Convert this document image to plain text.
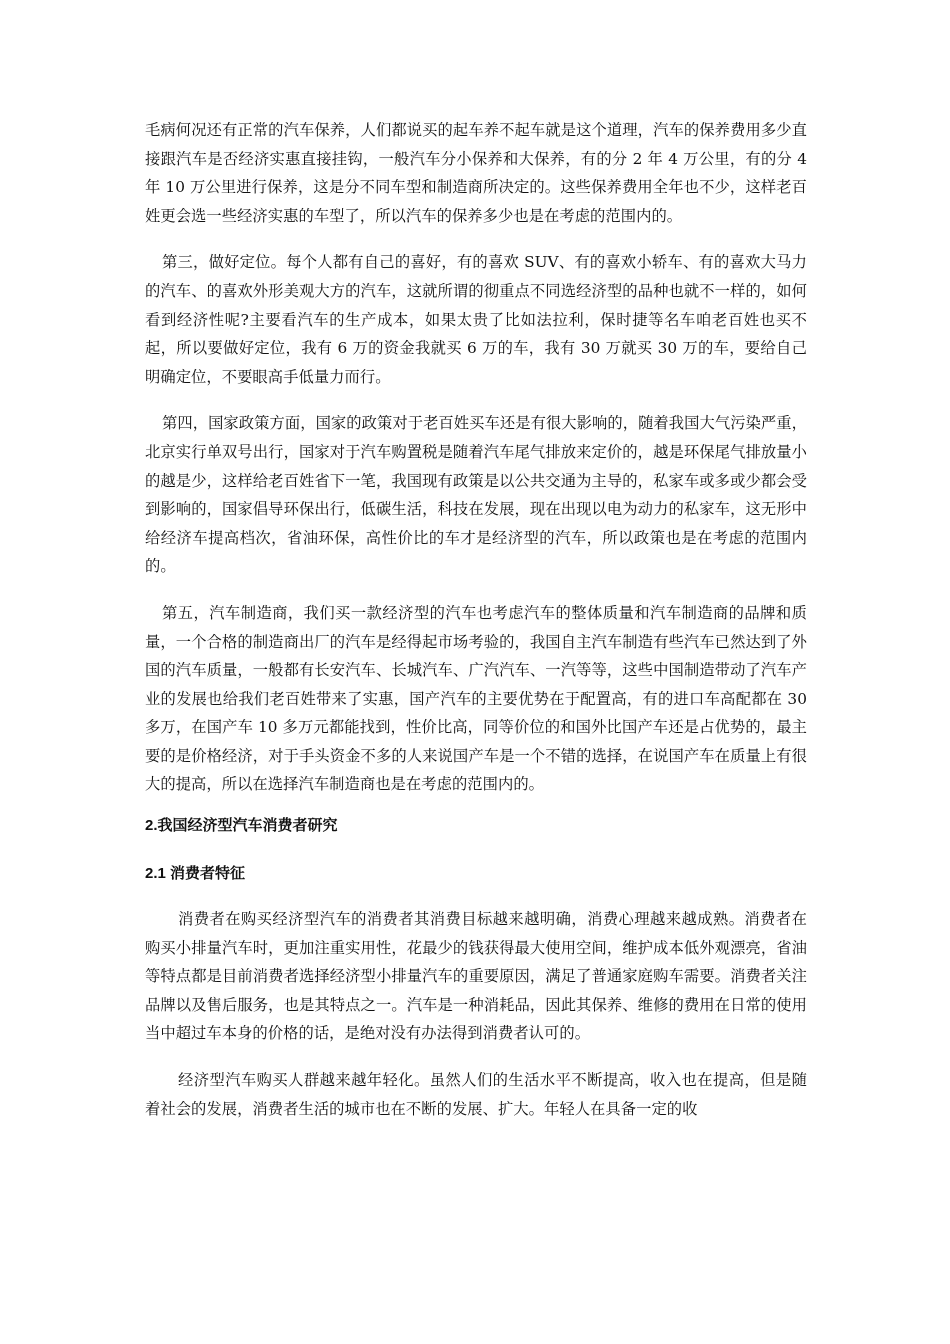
毛病何况还有正常的汽车保养，人们都说买的起车养不起车就是这个道理，汽车的保养费用多少直接跟汽车是否经济实惠直接挂钩，一般汽车分小保养和大保养，有的分 2 年 4 万公里，有的分 4 年 10 万公里进行保养，这是分不同车型和制造商所决定的。这些保养费用全年也不少，这样老百姓更会选一些经济实惠的车型了，所以汽车的保养多少也是在考虑的范围内的。

第三，做好定位。每个人都有自己的喜好，有的喜欢 SUV、有的喜欢小轿车、有的喜欢大马力的汽车、的喜欢外形美观大方的汽车，这就所谓的彻重点不同选经济型的品种也就不一样的，如何看到经济性呢?主要看汽车的生产成本，如果太贵了比如法拉利，保时捷等名车咱老百姓也买不起，所以要做好定位，我有 6 万的资金我就买 6 万的车，我有 30 万就买 30 万的车，要给自己明确定位，不要眼高手低量力而行。

第四，国家政策方面，国家的政策对于老百姓买车还是有很大影响的，随着我国大气污染严重，北京实行单双号出行，国家对于汽车购置税是随着汽车尾气排放来定价的，越是环保尾气排放量小的越是少，这样给老百姓省下一笔，我国现有政策是以公共交通为主导的，私家车或多或少都会受到影响的，国家倡导环保出行，低碳生活，科技在发展，现在出现以电为动力的私家车，这无形中给经济车提高档次，省油环保，高性价比的车才是经济型的汽车，所以政策也是在考虑的范围内的。

第五，汽车制造商，我们买一款经济型的汽车也考虑汽车的整体质量和汽车制造商的品牌和质量，一个合格的制造商出厂的汽车是经得起市场考验的，我国自主汽车制造有些汽车已然达到了外国的汽车质量，一般都有长安汽车、长城汽车、广汽汽车、一汽等等，这些中国制造带动了汽车产业的发展也给我们老百姓带来了实惠，国产汽车的主要优势在于配置高，有的进口车高配都在 30 多万，在国产车 10 多万元都能找到，性价比高，同等价位的和国外比国产车还是占优势的，最主要的是价格经济，对于手头资金不多的人来说国产车是一个不错的选择，在说国产车在质量上有很大的提高，所以在选择汽车制造商也是在考虑的范围内的。

2.我国经济型汽车消费者研究
2.1 消费者特征

消费者在购买经济型汽车的消费者其消费目标越来越明确，消费心理越来越成熟。消费者在购买小排量汽车时，更加注重实用性，花最少的钱获得最大使用空间，维护成本低外观漂亮，省油等特点都是目前消费者选择经济型小排量汽车的重要原因，满足了普通家庭购车需要。消费者关注品牌以及售后服务，也是其特点之一。汽车是一种消耗品，因此其保养、维修的费用在日常的使用当中超过车本身的价格的话，是绝对没有办法得到消费者认可的。

经济型汽车购买人群越来越年轻化。虽然人们的生活水平不断提高，收入也在提高，但是随着社会的发展，消费者生活的城市也在不断的发展、扩大。年轻人在具备一定的收
